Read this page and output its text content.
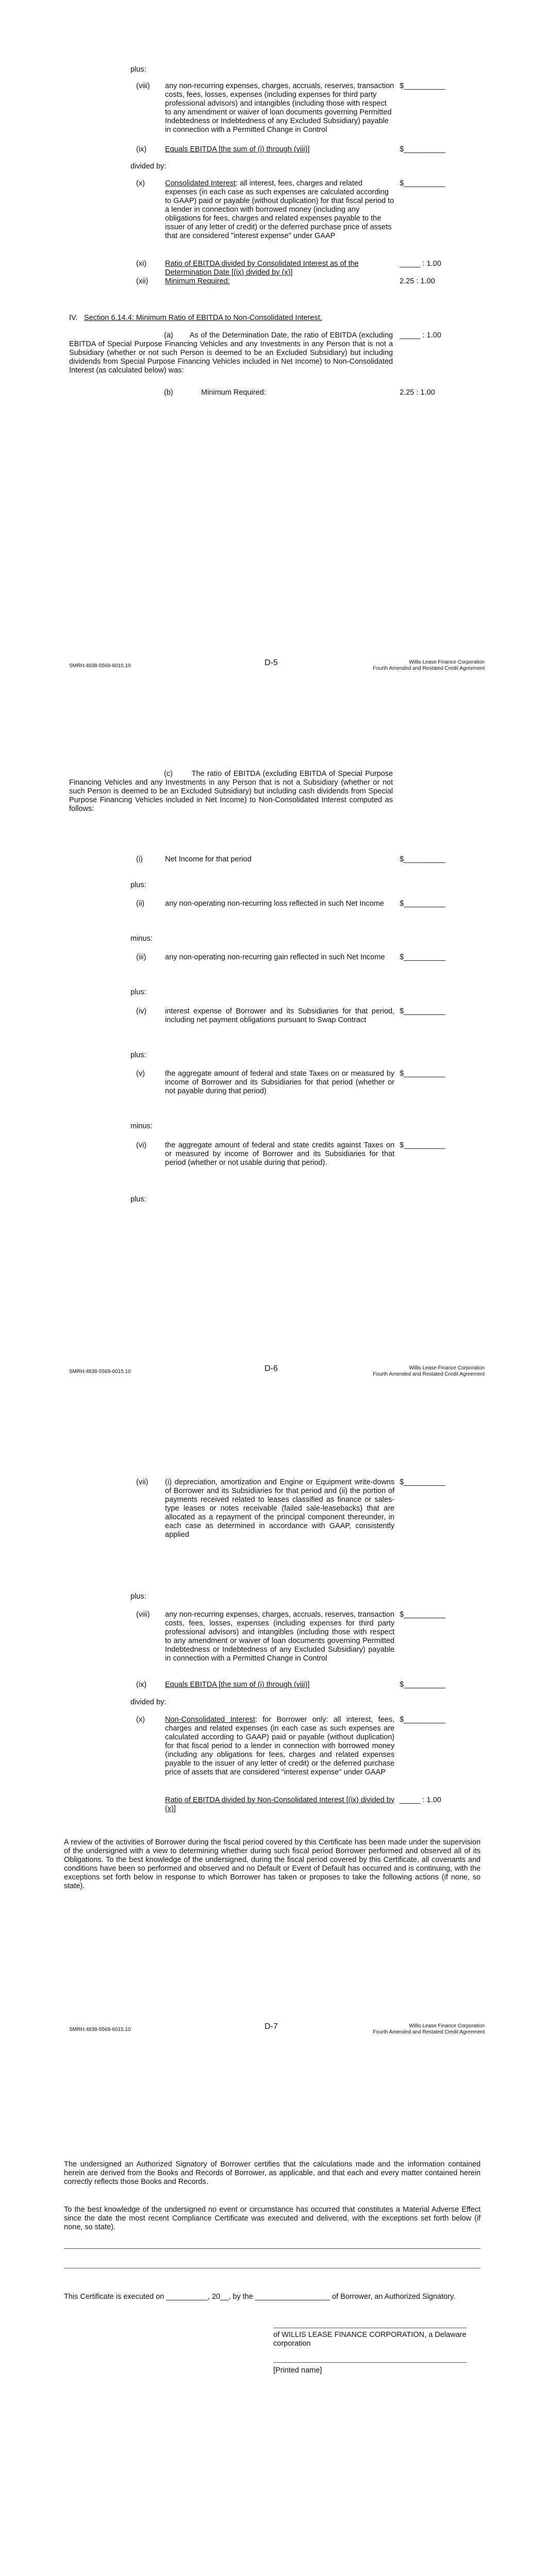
plus:
(viii)	any non-recurring expenses, charges, accruals, reserves, transaction costs, fees, losses, expenses (including expenses for third party professional advisors) and intangibles (including those with respect to any amendment or waiver of loan documents governing Permitted Indebtedness or Indebtedness of any Excluded Subsidiary) payable in connection with a Permitted Change in Control
$__________
(ix)	Equals EBITDA [the sum of (i) through (viii)]	$__________
divided by:
(x)	Consolidated Interest: all interest, fees, charges and related expenses (in each case as such expenses are calculated according to GAAP) paid or payable (without duplication) for that fiscal period to a lender in connection with borrowed money (including any obligations for fees, charges and related expenses payable to the issuer of any letter of credit) or the deferred purchase price of assets that are considered "interest expense" under GAAP
$__________
(xi)	Ratio of EBITDA divided by Consolidated Interest as of the Determination Date [(ix) divided by (x)]
_____ : 1.00
(xii)	Minimum Required:	2.25 : 1.00
IV. Section 6.14.4: Minimum Ratio of EBITDA to Non-Consolidated Interest.
(a)       As of the Determination Date, the ratio of EBITDA (excluding EBITDA of Special Purpose Financing Vehicles and any Investments in any Person that is not a Subsidiary (whether or not such Person is deemed to be an Excluded Subsidiary) but including dividends from Special Purpose Financing Vehicles included in Net Income) to Non-Consolidated Interest (as calculated below) was:
_____ : 1.00
(b)	Minimum Required:	2.25 : 1.00
SMRH:4838-5569-6015.10	D-5	Willis Lease Finance Corporation
Fourth Amended and Restated Credit Agreement
(c)       The ratio of EBITDA (excluding EBITDA of Special Purpose Financing Vehicles and any Investments in any Person that is not a Subsidiary (whether or not such Person is deemed to be an Excluded Subsidiary) but including cash dividends from Special Purpose Financing Vehicles included in Net Income) to Non-Consolidated Interest computed as follows:
(i)	Net Income for that period	$__________
plus:
(ii)	any non-operating non-recurring loss reflected in such Net Income	$__________
minus:
(iii)	any non-operating non-recurring gain reflected in such Net Income	$__________
plus:
(iv)	interest expense of Borrower and its Subsidiaries for that period, including net payment obligations pursuant to Swap Contract
$__________
plus:
(v)	the aggregate amount of federal and state Taxes on or measured by income of Borrower and its Subsidiaries for that period (whether or not payable during that period)
$__________
minus:
(vi)	the aggregate amount of federal and state credits against Taxes on or measured by income of Borrower and its Subsidiaries for that period (whether or not usable during that period).
$__________
plus:
SMRH:4838-5569-6015.10	D-6	Willis Lease Finance Corporation
Fourth Amended and Restated Credit Agreement
(vii)	(i) depreciation, amortization and Engine or Equipment write-downs of Borrower and its Subsidiaries for that period and (ii) the portion of payments received related to leases classified as finance or sales-type leases or notes receivable (failed sale-leasebacks) that are allocated as a repayment of the principal component thereunder, in each case as determined in accordance with GAAP, consistently applied
$__________
plus:
(viii)	any non-recurring expenses, charges, accruals, reserves, transaction costs, fees, losses, expenses (including expenses for third party professional advisors) and intangibles (including those with respect to any amendment or waiver of loan documents governing Permitted Indebtedness or Indebtedness of any Excluded Subsidiary) payable in connection with a Permitted Change in Control
$__________
(ix)	Equals EBITDA [the sum of (i) through (viii)]	$__________
divided by:
(x)	Non-Consolidated Interest: for Borrower only: all interest, fees, charges and related expenses (in each case as such expenses are calculated according to GAAP) paid or payable (without duplication) for that fiscal period to a lender in connection with borrowed money (including any obligations for fees, charges and related expenses payable to the issuer of any letter of credit) or the deferred purchase price of assets that are considered "interest expense" under GAAP
$__________
Ratio of EBITDA divided by Non-Consolidated Interest [(ix) divided by (x)]
_____ : 1.00
A review of the activities of Borrower during the fiscal period covered by this Certificate has been made under the supervision of the undersigned with a view to determining whether during such fiscal period Borrower performed and observed all of its Obligations. To the best knowledge of the undersigned, during the fiscal period covered by this Certificate, all covenants and conditions have been so performed and observed and no Default or Event of Default has occurred and is continuing, with the exceptions set forth below in response to which Borrower has taken or proposes to take the following actions (if none, so state).
SMRH:4838-5569-6015.10	D-7	Willis Lease Finance Corporation
Fourth Amended and Restated Credit Agreement
The undersigned an Authorized Signatory of Borrower certifies that the calculations made and the information contained herein are derived from the Books and Records of Borrower, as applicable, and that each and every matter contained herein correctly reflects those Books and Records.
To the best knowledge of the undersigned no event or circumstance has occurred that constitutes a Material Adverse Effect since the date the most recent Compliance Certificate was executed and delivered, with the exceptions set forth below (if none, so state).
This Certificate is executed on __________, 20__, by the __________________ of Borrower, an Authorized Signatory.
of WILLIS LEASE FINANCE CORPORATION, a Delaware corporation
[Printed name]
